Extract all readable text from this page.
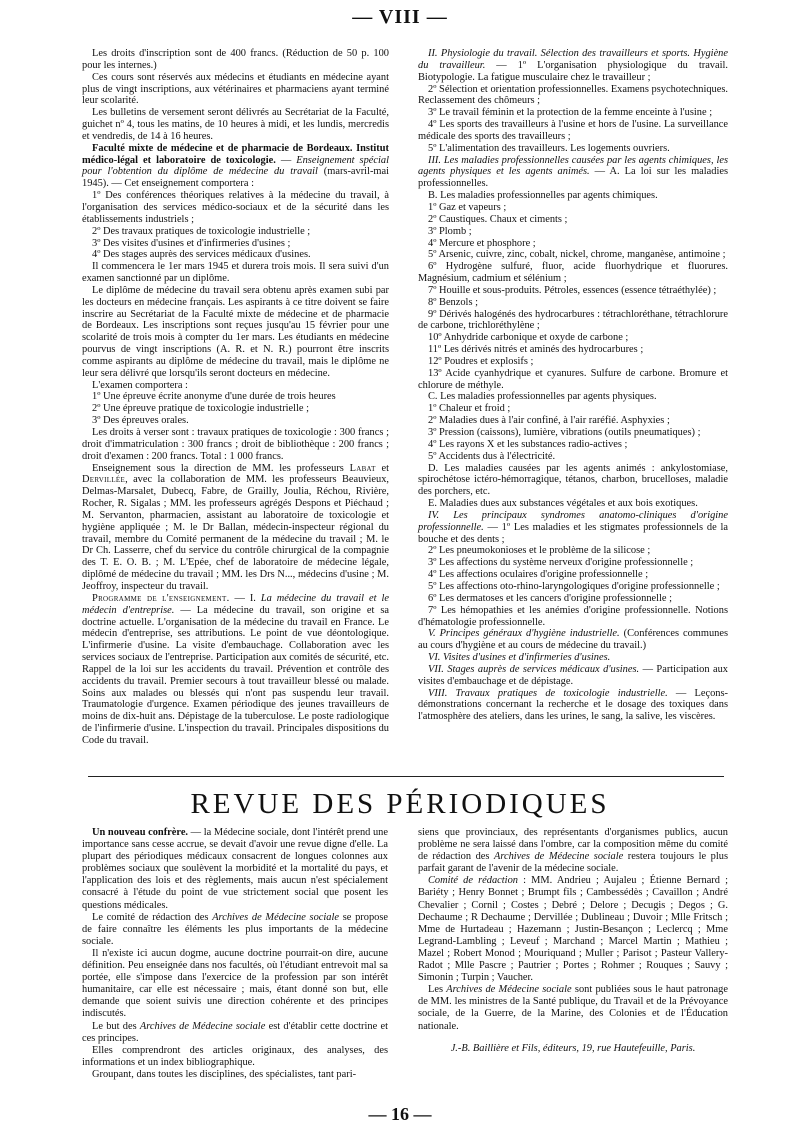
— VIII —

Les droits d'inscription sont de 400 francs. (Réduction de 50 p. 100 pour les internes.)

Ces cours sont réservés aux médecins et étudiants en médecine ayant plus de vingt inscriptions, aux vétérinaires et pharmaciens ayant terminé leur scolarité.

Les bulletins de versement seront délivrés au Secrétariat de la Faculté, guichet nº 4, tous les matins, de 10 heures à midi, et les lundis, mercredis et vendredis, de 14 à 16 heures.

Faculté mixte de médecine et de pharmacie de Bordeaux. Institut médico-légal et laboratoire de toxicologie. — Enseignement spécial pour l'obtention du diplôme de médecine du travail (mars-avril-mai 1945). — Cet enseignement comportera :

1º Des conférences théoriques relatives à la médecine du travail, à l'organisation des services médico-sociaux et de la sécurité dans les établissements industriels ;

2º Des travaux pratiques de toxicologie industrielle ;

3º Des visites d'usines et d'infirmeries d'usines ;

4º Des stages auprès des services médicaux d'usines.

Il commencera le 1er mars 1945 et durera trois mois. Il sera suivi d'un examen sanctionné par un diplôme.

Le diplôme de médecine du travail sera obtenu après examen subi par les docteurs en médecine français. Les aspirants à ce titre doivent se faire inscrire au Secrétariat de la Faculté mixte de médecine et de pharmacie de Bordeaux. Les inscriptions sont reçues jusqu'au 15 février pour une scolarité de trois mois à compter du 1er mars. Les étudiants en médecine pourvus de vingt inscriptions (A. R. et N. R.) pourront être inscrits comme aspirants au diplôme de médecine du travail, mais le diplôme ne leur sera délivré que lorsqu'ils seront docteurs en médecine.

L'examen comportera :

1º Une épreuve écrite anonyme d'une durée de trois heures

2º Une épreuve pratique de toxicologie industrielle ;

3º Des épreuves orales.

Les droits à verser sont : travaux pratiques de toxicologie : 300 francs ; droit d'immatriculation : 300 francs ; droit de bibliothèque : 200 francs ; droit d'examen : 200 francs. Total : 1 000 francs.

Enseignement sous la direction de MM. les professeurs Labat et Dervillée, avec la collaboration de MM. les professeurs Beauvieux, Delmas-Marsalet, Dubecq, Fabre, de Grailly, Joulia, Réchou, Rivière, Rocher, R. Sigalas ; MM. les professeurs agrégés Despons et Piéchaud ; M. Servanton, pharmacien, assistant au laboratoire de toxicologie et hygiène appliquée ; M. le Dr Ballan, médecin-inspecteur régional du travail, membre du Comité permanent de la médecine du travail ; M. le Dr Ch. Lasserre, chef du service du contrôle chirurgical de la compagnie des T. E. O. B. ; M. L'Epée, chef de laboratoire de médecine légale, diplômé de médecine du travail ; MM. les Drs N..., médecins d'usine ; M. Jeoffroy, inspecteur du travail.

Programme de l'enseignement. — I. La médecine du travail et le médecin d'entreprise. — La médecine du travail, son origine et sa doctrine actuelle. L'organisation de la médecine du travail en France. Le médecin d'entreprise, ses attributions. Le point de vue déontologique. L'infirmerie d'usine. La visite d'embauchage. Collaboration avec les services sociaux de l'entreprise. Participation aux comités de sécurité, etc. Rappel de la loi sur les accidents du travail. Prévention et contrôle des accidents du travail. Premier secours à tout travailleur blessé ou malade. Soins aux malades ou blessés qui n'ont pas suspendu leur travail. Traumatologie d'urgence. Examen périodique des jeunes travailleurs de moins de dix-huit ans. Dépistage de la tuberculose. Le poste radiologique de l'infirmerie d'usine. L'inspection du travail. Principales dispositions du Code du travail.

II. Physiologie du travail. Sélection des travailleurs et sports. Hygiène du travailleur. — 1º L'organisation physiologique du travail. Biotypologie. La fatigue musculaire chez le travailleur ;

2º Sélection et orientation professionnelles. Examens psychotechniques. Reclassement des chômeurs ;

3º Le travail féminin et la protection de la femme enceinte à l'usine ;

4º Les sports des travailleurs à l'usine et hors de l'usine. La surveillance médicale des sports des travailleurs ;

5º L'alimentation des travailleurs. Les logements ouvriers.

III. Les maladies professionnelles causées par les agents chimiques, les agents physiques et les agents animés. — A. La loi sur les maladies professionnelles.

B. Les maladies professionnelles par agents chimiques.

1º Gaz et vapeurs ;

2º Caustiques. Chaux et ciments ;

3º Plomb ;

4º Mercure et phosphore ;

5º Arsenic, cuivre, zinc, cobalt, nickel, chrome, manganèse, antimoine ;

6º Hydrogène sulfuré, fluor, acide fluorhydrique et fluorures. Magnésium, cadmium et sélénium ;

7º Houille et sous-produits. Pétroles, essences (essence tétraéthylée) ;

8º Benzols ;

9º Dérivés halogénés des hydrocarbures : tétrachloréthane, tétrachlorure de carbone, trichloréthylène ;

10º Anhydride carbonique et oxyde de carbone ;

11º Les dérivés nitrés et aminés des hydrocarbures ;

12º Poudres et explosifs ;

13º Acide cyanhydrique et cyanures. Sulfure de carbone. Bromure et chlorure de méthyle.

C. Les maladies professionnelles par agents physiques.

1º Chaleur et froid ;

2º Maladies dues à l'air confiné, à l'air raréfié. Asphyxies ;

3º Pression (caissons), lumière, vibrations (outils pneumatiques) ;

4º Les rayons X et les substances radio-actives ;

5º Accidents dus à l'électricité.

D. Les maladies causées par les agents animés : ankylostomiase, spirochétose ictéro-hémorragique, tétanos, charbon, brucelloses, maladie des porchers, etc.

E. Maladies dues aux substances végétales et aux bois exotiques.

IV. Les principaux syndromes anatomo-cliniques d'origine professionnelle. — 1º Les maladies et les stigmates professionnels de la bouche et des dents ;

2º Les pneumokonioses et le problème de la silicose ;

3º Les affections du système nerveux d'origine professionnelle ;

4º Les affections oculaires d'origine professionnelle ;

5º Les affections oto-rhino-laryngologiques d'origine professionnelle ;

6º Les dermatoses et les cancers d'origine professionnelle ;

7º Les hémopathies et les anémies d'origine professionnelle. Notions d'hématologie professionnelle.

V. Principes généraux d'hygiène industrielle. (Conférences communes au cours d'hygiène et au cours de médecine du travail.)

VI. Visites d'usines et d'infirmeries d'usines.

VII. Stages auprès de services médicaux d'usines. — Participation aux visites d'embauchage et de dépistage.

VIII. Travaux pratiques de toxicologie industrielle. — Leçons-démonstrations concernant la recherche et le dosage des toxiques dans l'atmosphère des ateliers, dans les urines, le sang, la salive, les viscères.

REVUE DES PÉRIODIQUES

Un nouveau confrère. — la Médecine sociale, dont l'intérêt prend une importance sans cesse accrue, se devait d'avoir une revue digne d'elle. La plupart des périodiques médicaux consacrent de longues colonnes aux problèmes sociaux que soulèvent la morbidité et la mortalité du pays, et l'application des lois et des règlements, mais aucun n'est spécialement consacré à l'étude du point de vue strictement social que posent les questions médicales.

Le comité de rédaction des Archives de Médecine sociale se propose de faire connaître les éléments les plus importants de la médecine sociale.

Il n'existe ici aucun dogme, aucune doctrine pourrait-on dire, aucune définition. Peu enseignée dans nos facultés, où l'étudiant entrevoit mal sa portée, elle s'impose dans l'exercice de la profession par son intérêt humanitaire, car elle est nécessaire ; mais, étant donné son but, elle demande que soient suivis une direction cohérente et des principes indiscutés.

Le but des Archives de Médecine sociale est d'établir cette doctrine et ces principes.

Elles comprendront des articles originaux, des analyses, des informations et un index bibliographique.

Groupant, dans toutes les disciplines, des spécialistes, tant pari-

siens que provinciaux, des représentants d'organismes publics, aucun problème ne sera laissé dans l'ombre, car la composition même du comité de rédaction des Archives de Médecine sociale restera toujours le plus parfait garant de l'avenir de la médecine sociale.

Comité de rédaction : MM. Andrieu ; Aujaleu ; Étienne Bernard ; Bariéty ; Henry Bonnet ; Brumpt fils ; Cambessédès ; Cavaillon ; André Chevalier ; Cornil ; Costes ; Debré ; Delore ; Decugis ; Degos ; G. Dechaume ; R Dechaume ; Dervillée ; Dublineau ; Duvoir ; Mlle Fritsch ; Mme de Hurtadeau ; Hazemann ; Justin-Besançon ; Leclercq ; Mme Legrand-Lambling ; Leveuf ; Marchand ; Marcel Martin ; Mathieu ; Mazel ; Robert Monod ; Mouriquand ; Muller ; Parisot ; Pasteur Vallery-Radot ; Mlle Pascre ; Pautrier ; Portes ; Rohmer ; Rouques ; Sauvy ; Simonin ; Turpin ; Vaucher.

Les Archives de Médecine sociale sont publiées sous le haut patronage de MM. les ministres de la Santé publique, du Travail et de la Prévoyance sociale, de la Guerre, de la Marine, des Colonies et de l'Éducation nationale.

J.-B. Baillière et Fils, éditeurs, 19, rue Hautefeuille, Paris.

— 16 —
